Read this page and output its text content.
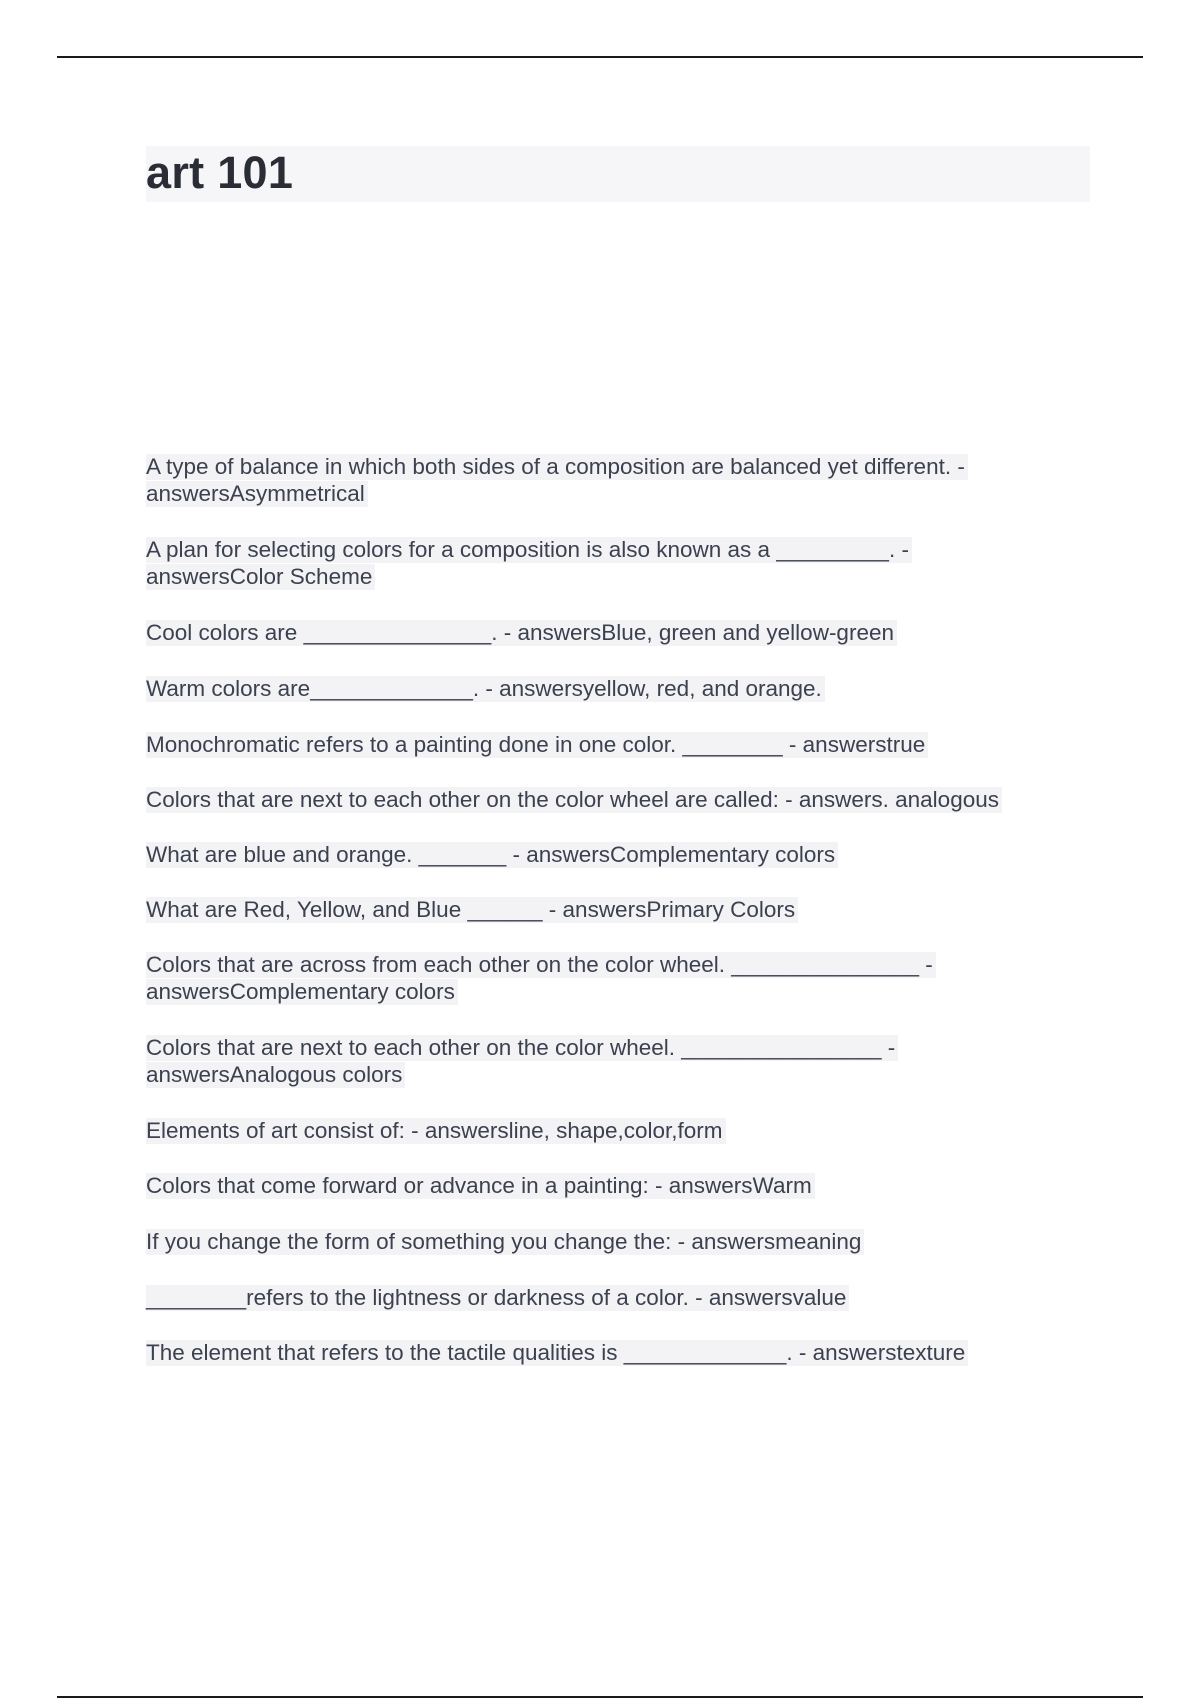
art 101
A type of balance in which both sides of a composition are balanced yet different. - answersAsymmetrical
A plan for selecting colors for a composition is also known as a _________. - answersColor Scheme
Cool colors are _______________. - answersBlue, green and yellow-green
Warm colors are_____________. - answersyellow, red, and orange.
Monochromatic refers to a painting done in one color. ________ - answerstrue
Colors that are next to each other on the color wheel are called: - answers. analogous
What are blue and orange. _______ - answersComplementary colors
What are Red, Yellow, and Blue ______ - answersPrimary Colors
Colors that are across from each other on the color wheel. _______________ - answersComplementary colors
Colors that are next to each other on the color wheel. ________________ - answersAnalogous colors
Elements of art consist of: - answersline, shape,color,form
Colors that come forward or advance in a painting: - answersWarm
If you change the form of something you change the: - answersmeaning
________refers to the lightness or darkness of a color. - answersvalue
The element that refers to the tactile qualities is _____________. - answerstexture
